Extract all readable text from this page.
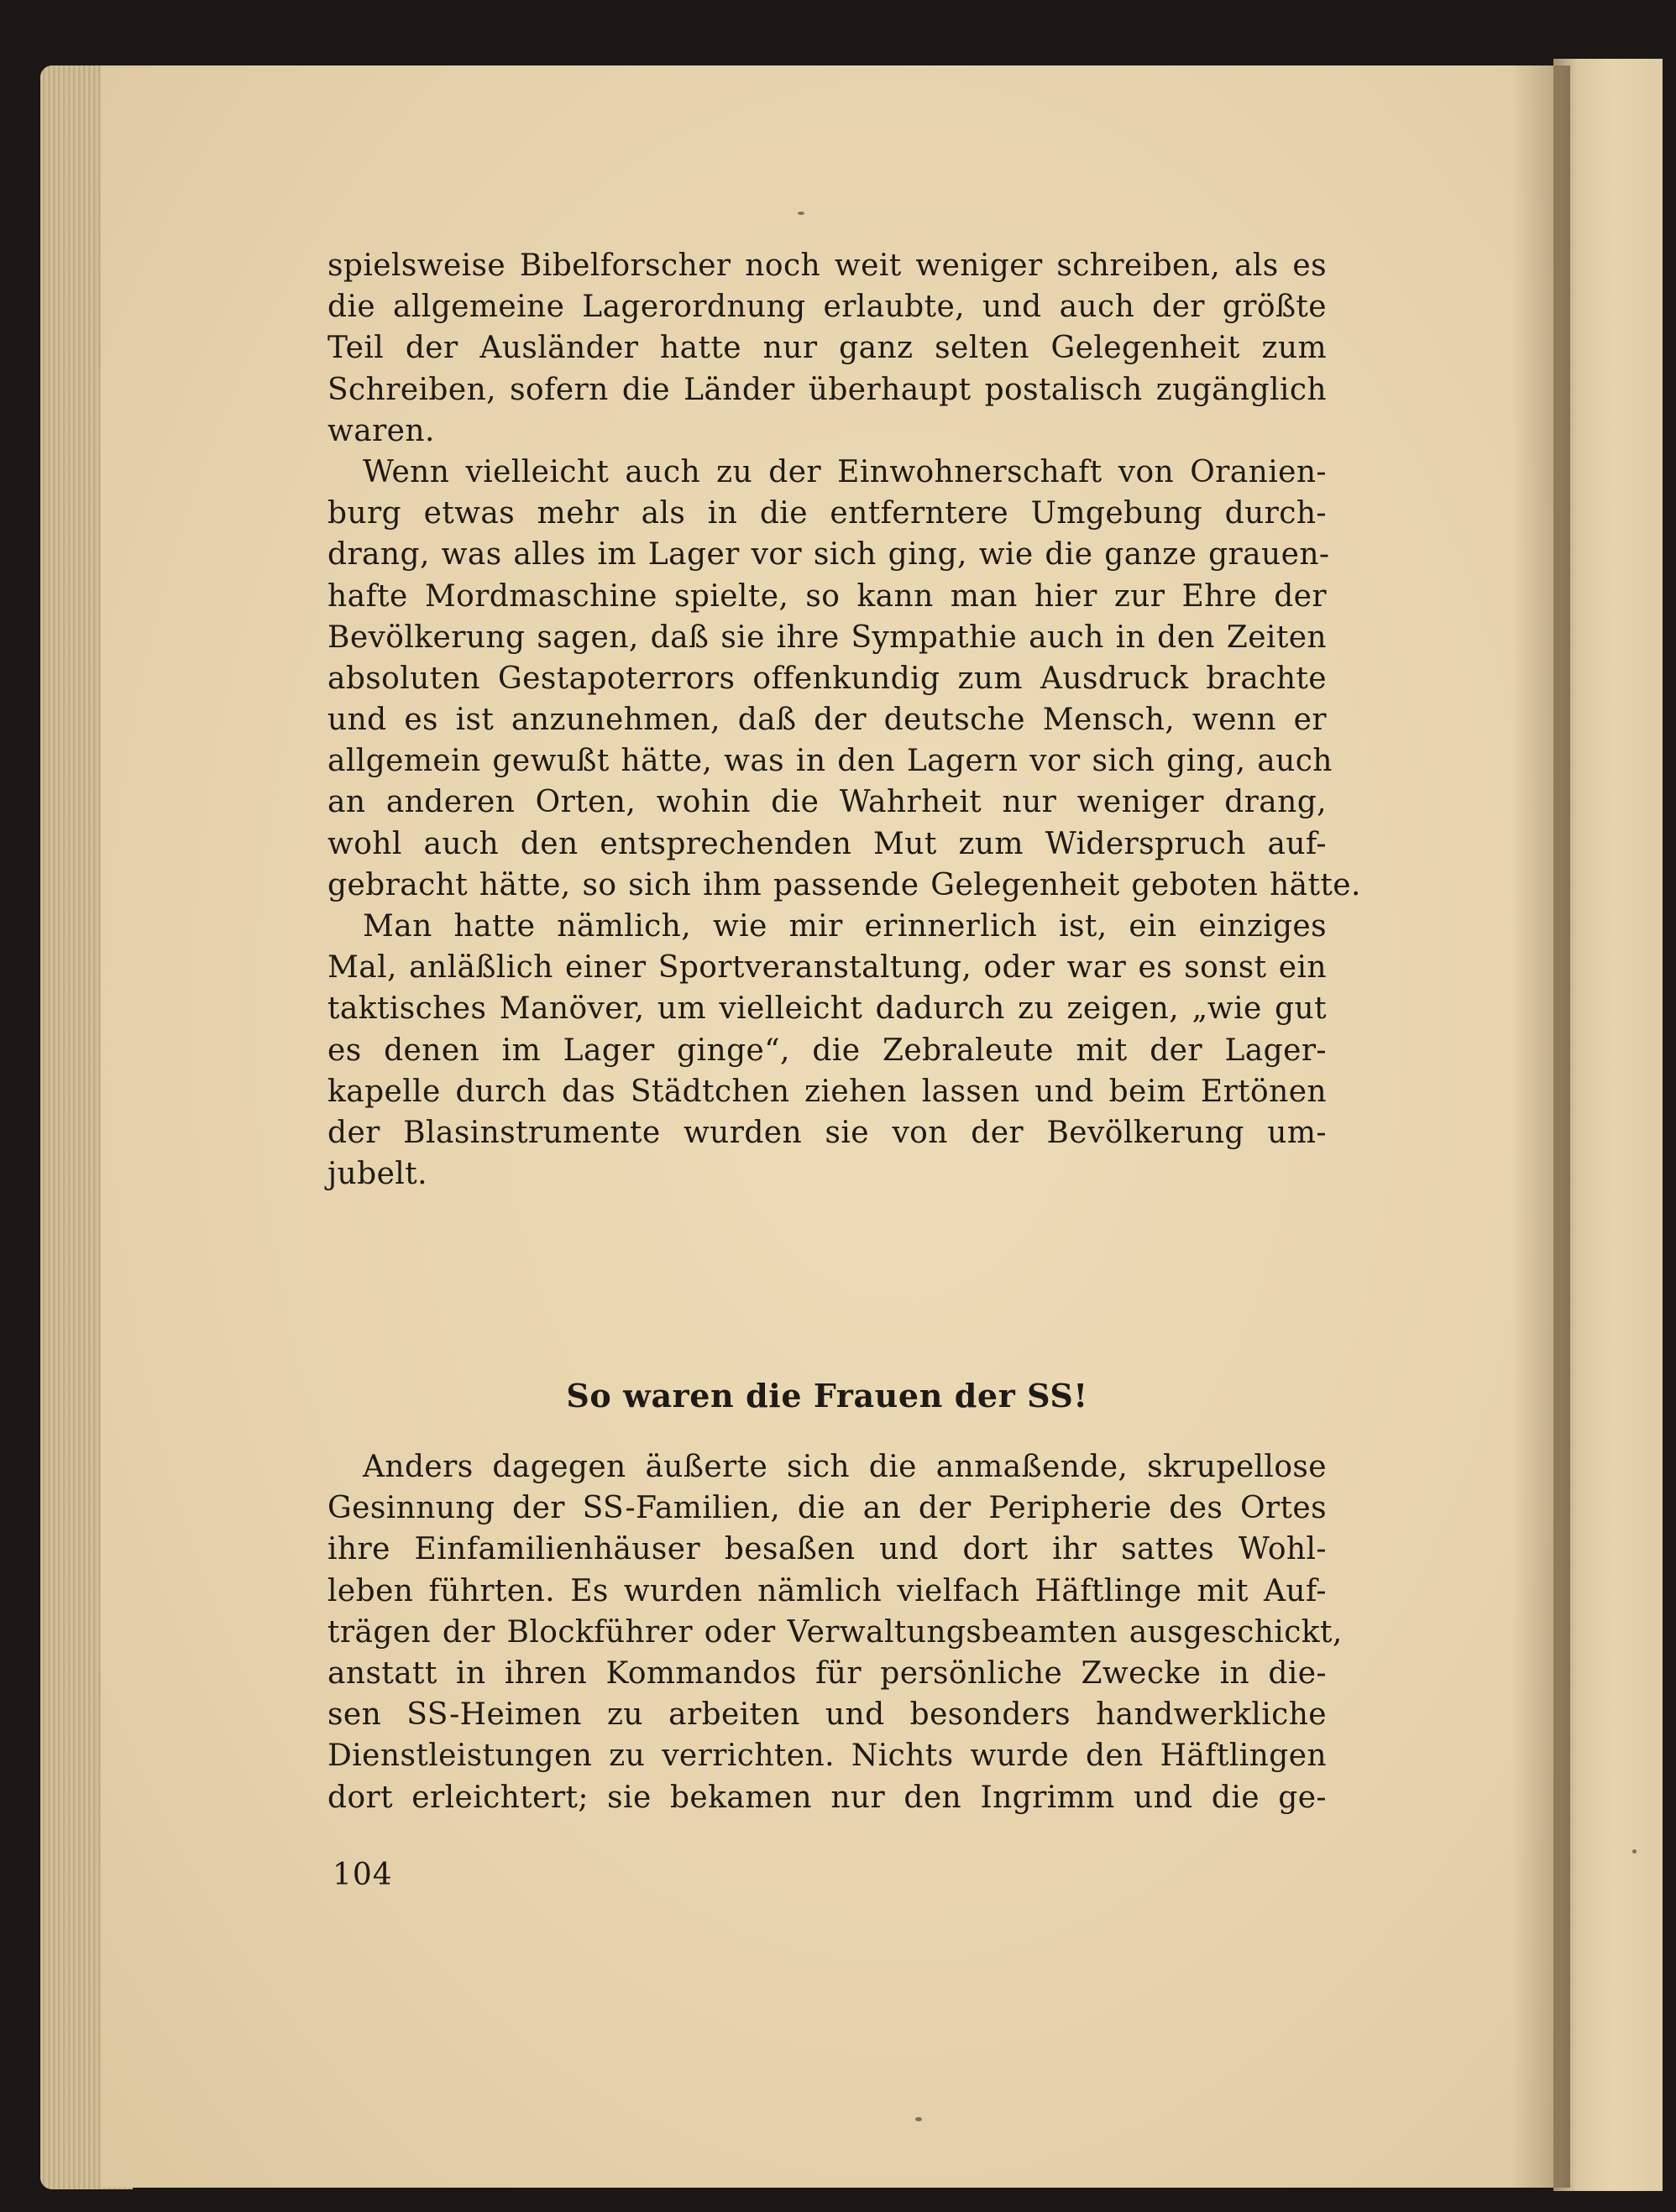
spielsweise Bibelforscher noch weit weniger schreiben, als es
die allgemeine Lagerordnung erlaubte, und auch der größte
Teil der Ausländer hatte nur ganz selten Gelegenheit zum
Schreiben, sofern die Länder überhaupt postalisch zugänglich
waren.
Wenn vielleicht auch zu der Einwohnerschaft von Oranien-
burg etwas mehr als in die entferntere Umgebung durch-
drang, was alles im Lager vor sich ging, wie die ganze grauen-
hafte Mordmaschine spielte, so kann man hier zur Ehre der
Bevölkerung sagen, daß sie ihre Sympathie auch in den Zeiten
absoluten Gestapoterrors offenkundig zum Ausdruck brachte
und es ist anzunehmen, daß der deutsche Mensch, wenn er
allgemein gewußt hätte, was in den Lagern vor sich ging, auch
an anderen Orten, wohin die Wahrheit nur weniger drang,
wohl auch den entsprechenden Mut zum Widerspruch auf-
gebracht hätte, so sich ihm passende Gelegenheit geboten hätte.
Man hatte nämlich, wie mir erinnerlich ist, ein einziges
Mal, anläßlich einer Sportveranstaltung, oder war es sonst ein
taktisches Manöver, um vielleicht dadurch zu zeigen, „wie gut
es denen im Lager ginge“, die Zebraleute mit der Lager-
kapelle durch das Städtchen ziehen lassen und beim Ertönen
der Blasinstrumente wurden sie von der Bevölkerung um-
jubelt.
So waren die Frauen der SS!
Anders dagegen äußerte sich die anmaßende, skrupellose
Gesinnung der SS-Familien, die an der Peripherie des Ortes
ihre Einfamilienhäuser besaßen und dort ihr sattes Wohl-
leben führten. Es wurden nämlich vielfach Häftlinge mit Auf-
trägen der Blockführer oder Verwaltungsbeamten ausgeschickt,
anstatt in ihren Kommandos für persönliche Zwecke in die-
sen SS-Heimen zu arbeiten und besonders handwerkliche
Dienstleistungen zu verrichten. Nichts wurde den Häftlingen
dort erleichtert; sie bekamen nur den Ingrimm und die ge-
104
